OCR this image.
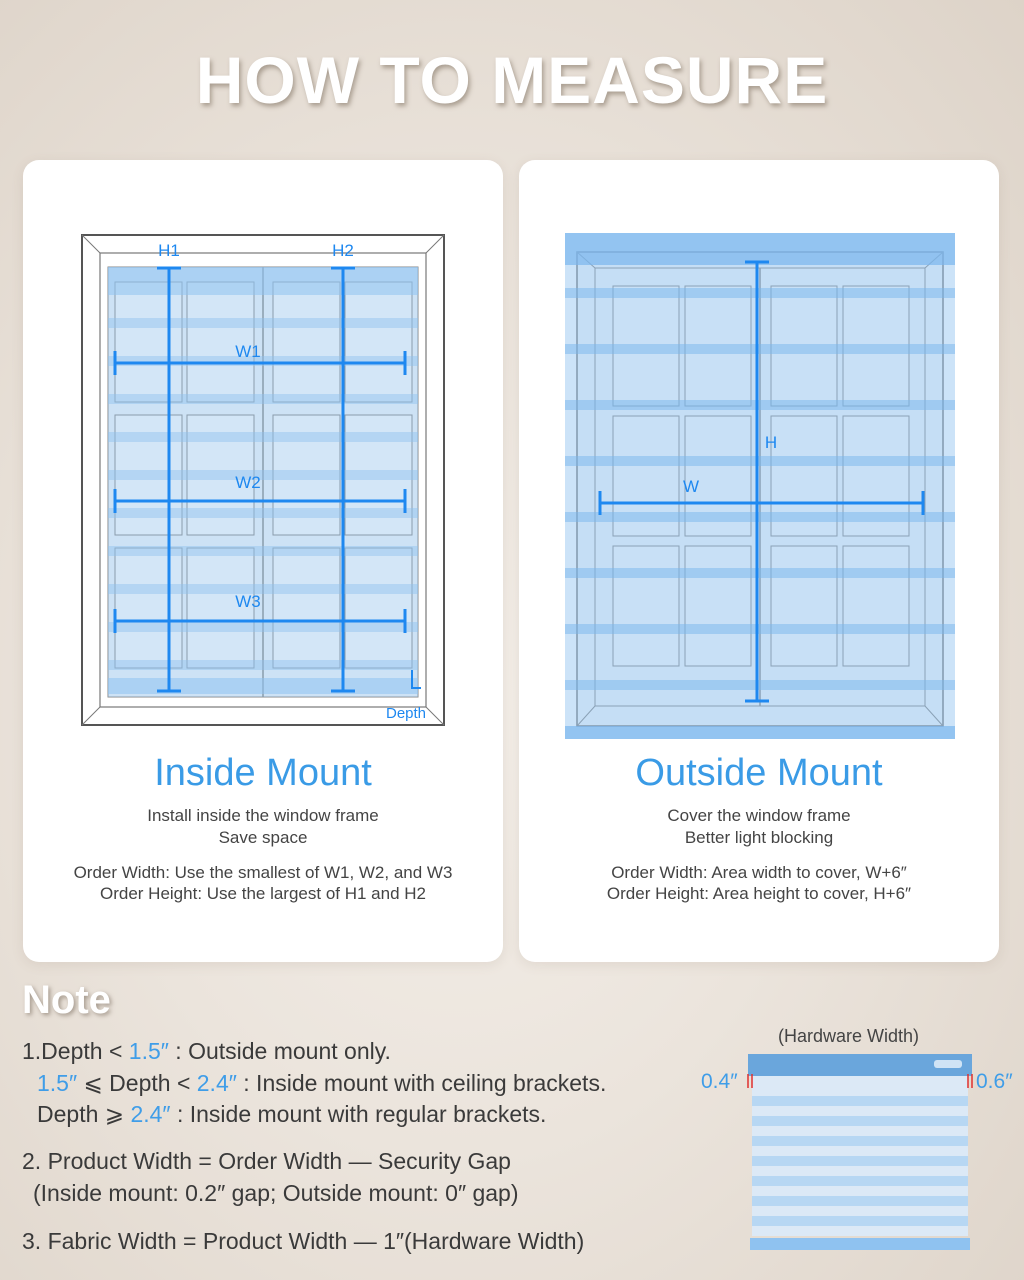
HOW TO MEASURE
H1	H2
W1
W2
W3
Depth
Inside Mount
Install inside the window frame
Save space
Order Width: Use the smallest of W1, W2, and W3
Order Height: Use the largest of H1 and H2
H
W
Outside Mount
Cover the window frame
Better light blocking
Order Width: Area width to cover, W+6″
Order Height: Area height to cover, H+6″
Note
1.Depth < 1.5″ : Outside mount only.
1.5″ ⩽ Depth < 2.4″ : Inside mount with ceiling brackets.
Depth ⩾ 2.4″ : Inside mount with regular brackets.
2. Product Width = Order Width — Security Gap
(Inside mount: 0.2″ gap; Outside mount: 0″ gap)
3. Fabric Width = Product Width — 1″(Hardware Width)
(Hardware Width)
0.4″	0.6″
